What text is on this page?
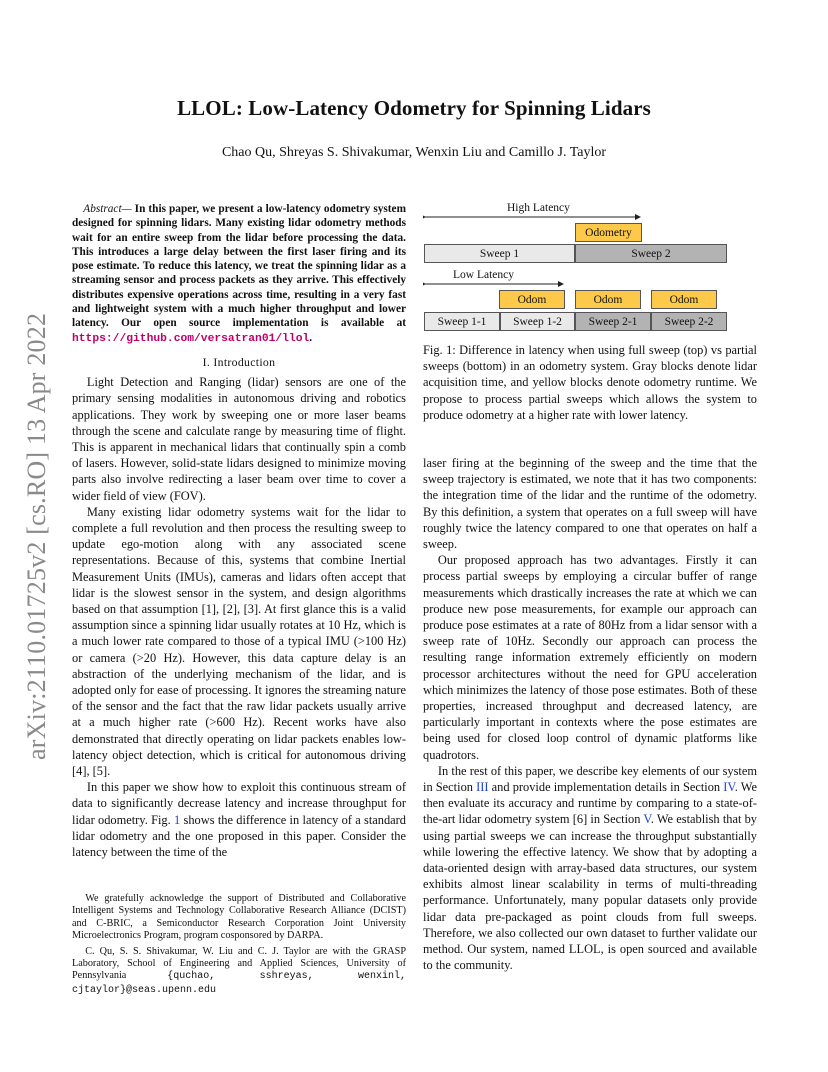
arXiv:2110.01725v2 [cs.RO] 13 Apr 2022
LLOL: Low-Latency Odometry for Spinning Lidars
Chao Qu, Shreyas S. Shivakumar, Wenxin Liu and Camillo J. Taylor

Abstract— In this paper, we present a low-latency odometry system designed for spinning lidars. Many existing lidar odometry methods wait for an entire sweep from the lidar before processing the data. This introduces a large delay between the first laser firing and its pose estimate. To reduce this latency, we treat the spinning lidar as a streaming sensor and process packets as they arrive. This effectively distributes expensive operations across time, resulting in a very fast and lightweight system with a much higher throughput and lower latency. Our open source implementation is available at https://github.com/versatran01/llol.

I. Introduction

Light Detection and Ranging (lidar) sensors are one of the primary sensing modalities in autonomous driving and robotics applications. They work by sweeping one or more laser beams through the scene and calculate range by measuring time of flight. This is apparent in mechanical lidars that continually spin a comb of lasers. However, solid-state lidars designed to minimize moving parts also involve redirecting a laser beam over time to cover a wider field of view (FOV).

Many existing lidar odometry systems wait for the lidar to complete a full revolution and then process the resulting sweep to update ego-motion along with any associated scene representations. Because of this, systems that combine Inertial Measurement Units (IMUs), cameras and lidars often accept that lidar is the slowest sensor in the system, and design algorithms based on that assumption [1], [2], [3]. At first glance this is a valid assumption since a spinning lidar usually rotates at 10 Hz, which is a much lower rate compared to those of a typical IMU (>100 Hz) or camera (>20 Hz). However, this data capture delay is an abstraction of the underlying mechanism of the lidar, and is adopted only for ease of processing. It ignores the streaming nature of the sensor and the fact that the raw lidar packets usually arrive at a much higher rate (>600 Hz). Recent works have also demonstrated that directly operating on lidar packets enables low-latency object detection, which is critical for autonomous driving [4], [5].

In this paper we show how to exploit this continuous stream of data to significantly decrease latency and increase throughput for lidar odometry. Fig. 1 shows the difference in latency of a standard lidar odometry and the one proposed in this paper. Consider the latency between the time of the

We gratefully acknowledge the support of Distributed and Collaborative Intelligent Systems and Technology Collaborative Research Alliance (DCIST) and C-BRIC, a Semiconductor Research Corporation Joint University Microelectronics Program, program cosponsored by DARPA.

C. Qu, S. S. Shivakumar, W. Liu and C. J. Taylor are with the GRASP Laboratory, School of Engineering and Applied Sciences, University of Pennsylvania {quchao, sshreyas, wenxinl, cjtaylor}@seas.upenn.edu

High Latency
Odometry
Sweep 1	Sweep 2
Low Latency
Odom	Odom	Odom
Sweep 1-1	Sweep 1-2	Sweep 2-1	Sweep 2-2
Fig. 1: Difference in latency when using full sweep (top) vs partial sweeps (bottom) in an odometry system. Gray blocks denote lidar acquisition time, and yellow blocks denote odometry runtime. We propose to process partial sweeps which allows the system to produce odometry at a higher rate with lower latency.

laser firing at the beginning of the sweep and the time that the sweep trajectory is estimated, we note that it has two components: the integration time of the lidar and the runtime of the odometry. By this definition, a system that operates on a full sweep will have roughly twice the latency compared to one that operates on half a sweep.

Our proposed approach has two advantages. Firstly it can process partial sweeps by employing a circular buffer of range measurements which drastically increases the rate at which we can produce new pose measurements, for example our approach can produce pose estimates at a rate of 80Hz from a lidar sensor with a sweep rate of 10Hz. Secondly our approach can process the resulting range information extremely efficiently on modern processor architectures without the need for GPU acceleration which minimizes the latency of those pose estimates. Both of these properties, increased throughput and decreased latency, are particularly important in contexts where the pose estimates are being used for closed loop control of dynamic platforms like quadrotors.

In the rest of this paper, we describe key elements of our system in Section III and provide implementation details in Section IV. We then evaluate its accuracy and runtime by comparing to a state-of-the-art lidar odometry system [6] in Section V. We establish that by using partial sweeps we can increase the throughput substantially while lowering the effective latency. We show that by adopting a data-oriented design with array-based data structures, our system exhibits almost linear scalability in terms of multi-threading performance. Unfortunately, many popular datasets only provide lidar data pre-packaged as point clouds from full sweeps. Therefore, we also collected our own dataset to further validate our method. Our system, named LLOL, is open sourced and available to the community.
